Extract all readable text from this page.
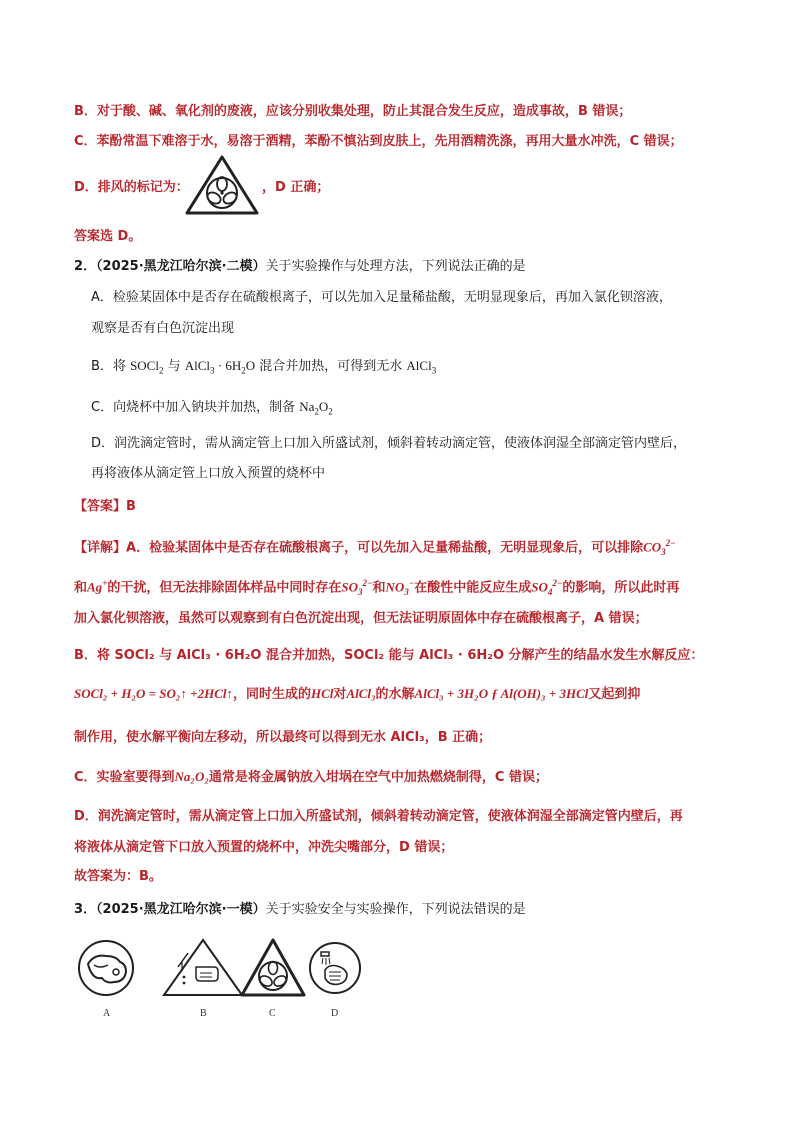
B．对于酸、碱、氧化剂的废液，应该分别收集处理，防止其混合发生反应，造成事故，B 错误；
C．苯酚常温下难溶于水，易溶于酒精，苯酚不慎沾到皮肤上，先用酒精洗涤，再用大量水冲洗，C 错误；
D．排风的标记为：	，D 正确；
答案选 D。
2．（2025·黑龙江哈尔滨·二模）关于实验操作与处理方法，下列说法正确的是
A．检验某固体中是否存在硫酸根离子，可以先加入足量稀盐酸，无明显现象后，再加入氯化钡溶液，
观察是否有白色沉淀出现
B．将 SOCl$_2$ 与 AlCl$_3$ · $6H_2O$ 混合并加热，可得到无水 AlCl$_3$
C．向烧杯中加入钠块并加热，制备 $Na_2O_2$
D．润洗滴定管时，需从滴定管上口加入所盛试剂，倾斜着转动滴定管，使液体润湿全部滴定管内壁后，
再将液体从滴定管上口放入预置的烧杯中
【答案】B
【详解】A．检验某固体中是否存在硫酸根离子，可以先加入足量稀盐酸，无明显现象后，可以排除$CO_3^{2-}$
和Ag+的干扰，但无法排除固体样品中同时存在$SO_3^{2-}$和$NO_3^-$在酸性中能反应生成$SO_4^{2-}$的影响，所以此时再
加入氯化钡溶液，虽然可以观察到有白色沉淀出现，但无法证明原固体中存在硫酸根离子，A 错误；
B．将 SOCl₂ 与 AlCl₃ · 6H₂O 混合并加热，SOCl₂ 能与 AlCl₃ · 6H₂O 分解产生的结晶水发生水解反应：
SOCl₂ + H₂O = SO₂↑ +2HCl↑，同时生成的HCl对AlCl₃的水解AlCl₃ + 3H₂O ƒ Al(OH)₃ + 3HCl又起到抑
制作用，使水解平衡向左移动，所以最终可以得到无水 AlCl₃，B 正确；
C．实验室要得到Na₂O₂通常是将金属钠放入坩埚在空气中加热燃烧制得，C 错误；
D．润洗滴定管时，需从滴定管上口加入所盛试剂，倾斜着转动滴定管，使液体润湿全部滴定管内壁后，再
将液体从滴定管下口放入预置的烧杯中，冲洗尖嘴部分，D 错误；
故答案为：B。
3．（2025·黑龙江哈尔滨·一模）关于实验安全与实验操作，下列说法错误的是
A	B	C	D
